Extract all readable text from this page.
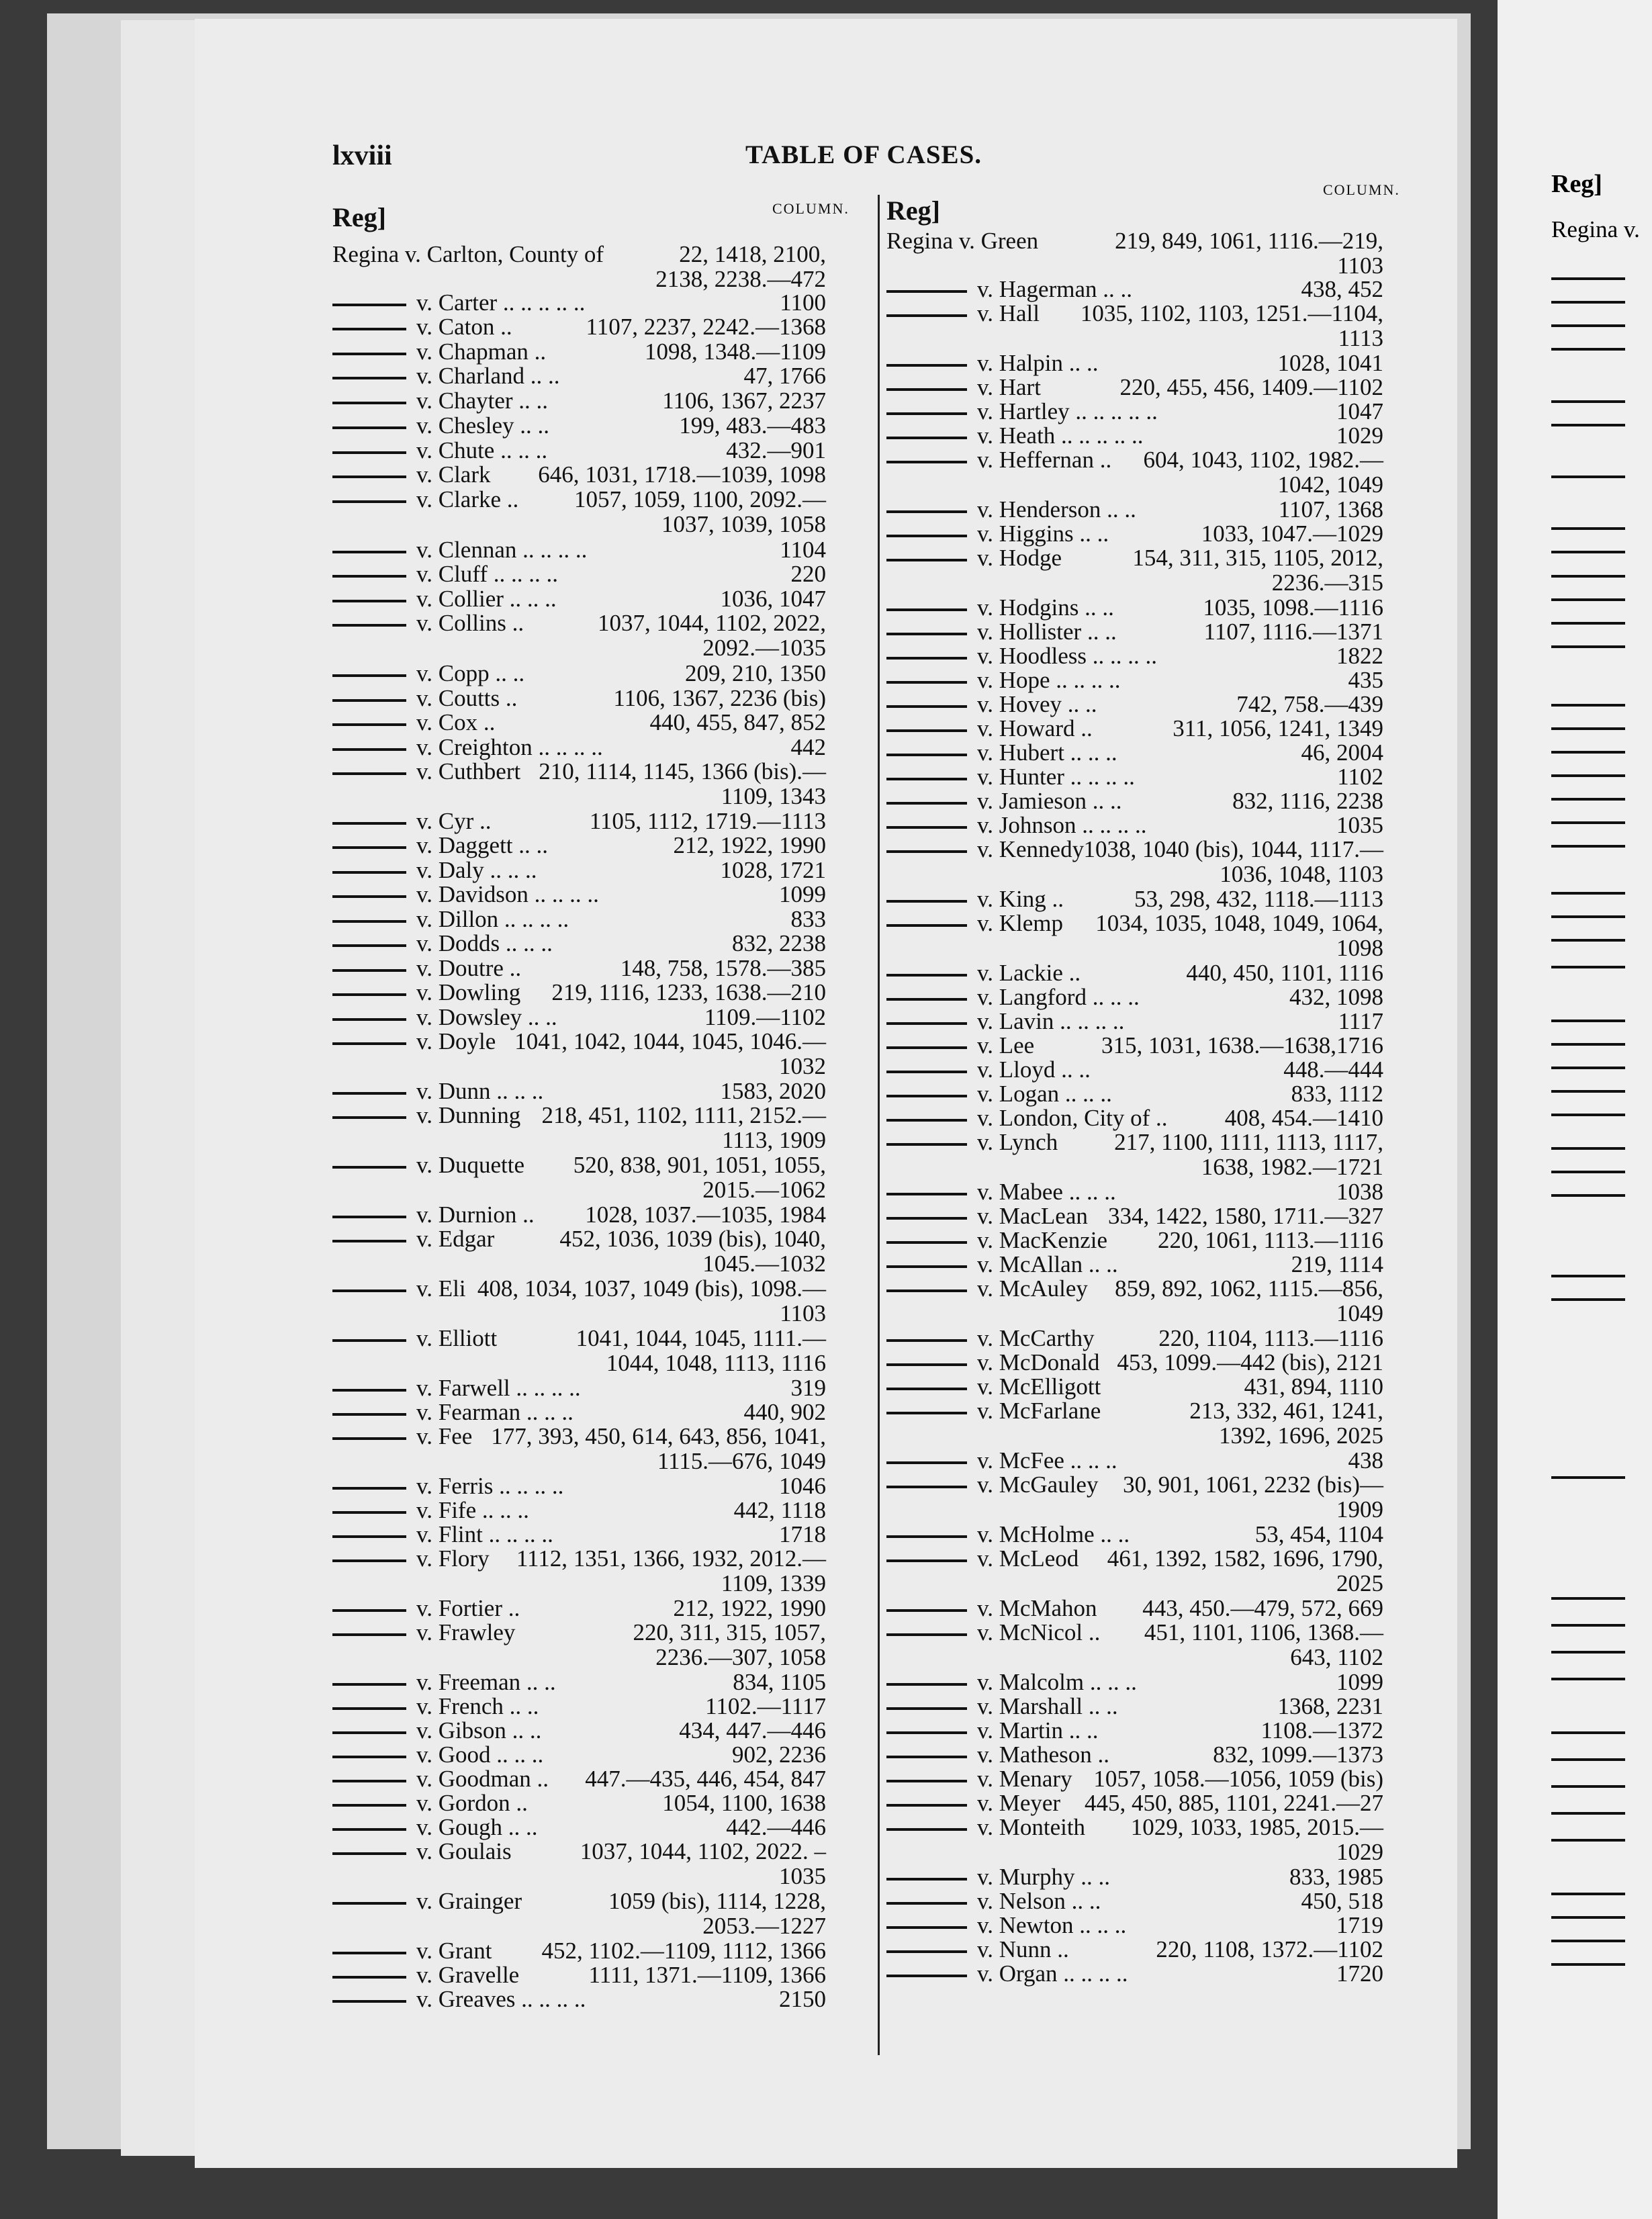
lxviii	TABLE OF CASES.
Reg]	COLUMN. Reg]
COLUMN.
Regina v. Carlton, County of	22, 1418, 2100,
2138, 2238.—472
v. Carter .. .. .. .. ..	1100
v. Caton ..	1107, 2237, 2242.—1368
v. Chapman ..	1098, 1348.—1109
v. Charland .. ..	47, 1766
v. Chayter .. ..	1106, 1367, 2237
v. Chesley .. ..	199, 483.—483
v. Chute .. .. ..	432.—901
v. Clark 646, 1031, 1718.—1039, 1098
v. Clarke .. 1057, 1059, 1100, 2092.—
1037, 1039, 1058
v. Clennan .. .. .. ..	1104
v. Cluff .. .. .. ..	220
v. Collier .. .. ..	1036, 1047
v. Collins ..	1037, 1044, 1102, 2022,
2092.—1035
v. Copp .. ..	209, 210, 1350
v. Coutts ..	1106, 1367, 2236 (bis)
v. Cox ..	440, 455, 847, 852
v. Creighton .. .. .. ..	442
v. Cuthbert 210, 1114, 1145, 1366 (bis).—
1109, 1343
v. Cyr ..	1105, 1112, 1719.—1113
v. Daggett .. ..	212, 1922, 1990
v. Daly .. .. ..	1028, 1721
v. Davidson .. .. .. ..	1099
v. Dillon .. .. .. ..	833
v. Dodds .. .. ..	832, 2238
v. Doutre ..	148, 758, 1578.—385
v. Dowling 219, 1116, 1233, 1638.—210
v. Dowsley .. ..	1109.—1102
v. Doyle 1041, 1042, 1044, 1045, 1046.—
1032
v. Dunn .. .. ..	1583, 2020
v. Dunning 218, 451, 1102, 1111, 2152.—
1113, 1909
v. Duquette 520, 838, 901, 1051, 1055,
2015.—1062
v. Durnion .. 1028, 1037.—1035, 1984
v. Edgar	452, 1036, 1039 (bis), 1040,
1045.—1032
v. Eli 408, 1034, 1037, 1049 (bis), 1098.—
1103
v. Elliott	1041, 1044, 1045, 1111.—
1044, 1048, 1113, 1116
v. Farwell .. .. .. ..	319
v. Fearman .. .. ..	440, 902
v. Fee 177, 393, 450, 614, 643, 856, 1041,
1115.—676, 1049
v. Ferris .. .. .. ..	1046
v. Fife .. .. ..	442, 1118
v. Flint .. .. .. ..	1718
v. Flory 1112, 1351, 1366, 1932, 2012.—
1109, 1339
v. Fortier ..	212, 1922, 1990
v. Frawley	220, 311, 315, 1057,
2236.—307, 1058
v. Freeman .. ..	834, 1105
v. French .. ..	1102.—1117
v. Gibson .. ..	434, 447.—446
v. Good .. .. ..	902, 2236
v. Goodman .. 447.—435, 446, 454, 847
v. Gordon ..	1054, 1100, 1638
v. Gough .. ..	442.—446
v. Goulais	1037, 1044, 1102, 2022. –
1035
v. Grainger	1059 (bis), 1114, 1228,
2053.—1227
v. Grant 452, 1102.—1109, 1112, 1366
v. Gravelle	1111, 1371.—1109, 1366
v. Greaves .. .. .. ..	2150
Regina v. Green	219, 849, 1061, 1116.—219,
1103
v. Hagerman .. ..	438, 452
v. Hall 1035, 1102, 1103, 1251.—1104,
1113
v. Halpin .. ..	1028, 1041
v. Hart	220, 455, 456, 1409.—1102
v. Hartley .. .. .. .. ..	1047
v. Heath .. .. .. .. ..	1029
v. Heffernan .. 604, 1043, 1102, 1982.—
1042, 1049
v. Henderson .. ..	1107, 1368
v. Higgins .. ..	1033, 1047.—1029
v. Hodge	154, 311, 315, 1105, 2012,
2236.—315
v. Hodgins .. ..	1035, 1098.—1116
v. Hollister .. ..	1107, 1116.—1371
v. Hoodless .. .. .. ..	1822
v. Hope .. .. .. ..	435
v. Hovey .. ..	742, 758.—439
v. Howard ..	311, 1056, 1241, 1349
v. Hubert .. .. ..	46, 2004
v. Hunter .. .. .. ..	1102
v. Jamieson .. ..	832, 1116, 2238
v. Johnson .. .. .. ..	1035
v. Kennedy 1038, 1040 (bis), 1044, 1117.—
1036, 1048, 1103
v. King ..	53, 298, 432, 1118.—1113
v. Klemp 1034, 1035, 1048, 1049, 1064,
1098
v. Lackie ..	440, 450, 1101, 1116
v. Langford .. .. ..	432, 1098
v. Lavin .. .. .. ..	1117
v. Lee	315, 1031, 1638.—1638,1716
v. Lloyd .. ..	448.—444
v. Logan .. .. ..	833, 1112
v. London, City of .. 408, 454.—1410
v. Lynch 217, 1100, 1111, 1113, 1117,
1638, 1982.—1721
v. Mabee .. .. ..	1038
v. MacLean 334, 1422, 1580, 1711.—327
v. MacKenzie 220, 1061, 1113.—1116
v. McAllan .. ..	219, 1114
v. McAuley 859, 892, 1062, 1115.—856,
1049
v. McCarthy	220, 1104, 1113.—1116
v. McDonald 453, 1099.—442 (bis), 2121
v. McElligott	431, 894, 1110
v. McFarlane	213, 332, 461, 1241,
1392, 1696, 2025
v. McFee .. .. ..	438
v. McGauley 30, 901, 1061, 2232 (bis)—
1909
v. McHolme .. ..	53, 454, 1104
v. McLeod 461, 1392, 1582, 1696, 1790,
2025
v. McMahon 443, 450.—479, 572, 669
v. McNicol .. 451, 1101, 1106, 1368.—
643, 1102
v. Malcolm .. .. ..	1099
v. Marshall .. ..	1368, 2231
v. Martin .. ..	1108.—1372
v. Matheson ..	832, 1099.—1373
v. Menary 1057, 1058.—1056, 1059 (bis)
v. Meyer 445, 450, 885, 1101, 2241.—27
v. Monteith 1029, 1033, 1985, 2015.—
1029
v. Murphy .. ..	833, 1985
v. Nelson .. ..	450, 518
v. Newton .. .. ..	1719
v. Nunn ..	220, 1108, 1372.—1102
v. Organ .. .. .. ..	1720
Reg]
Regina v.
